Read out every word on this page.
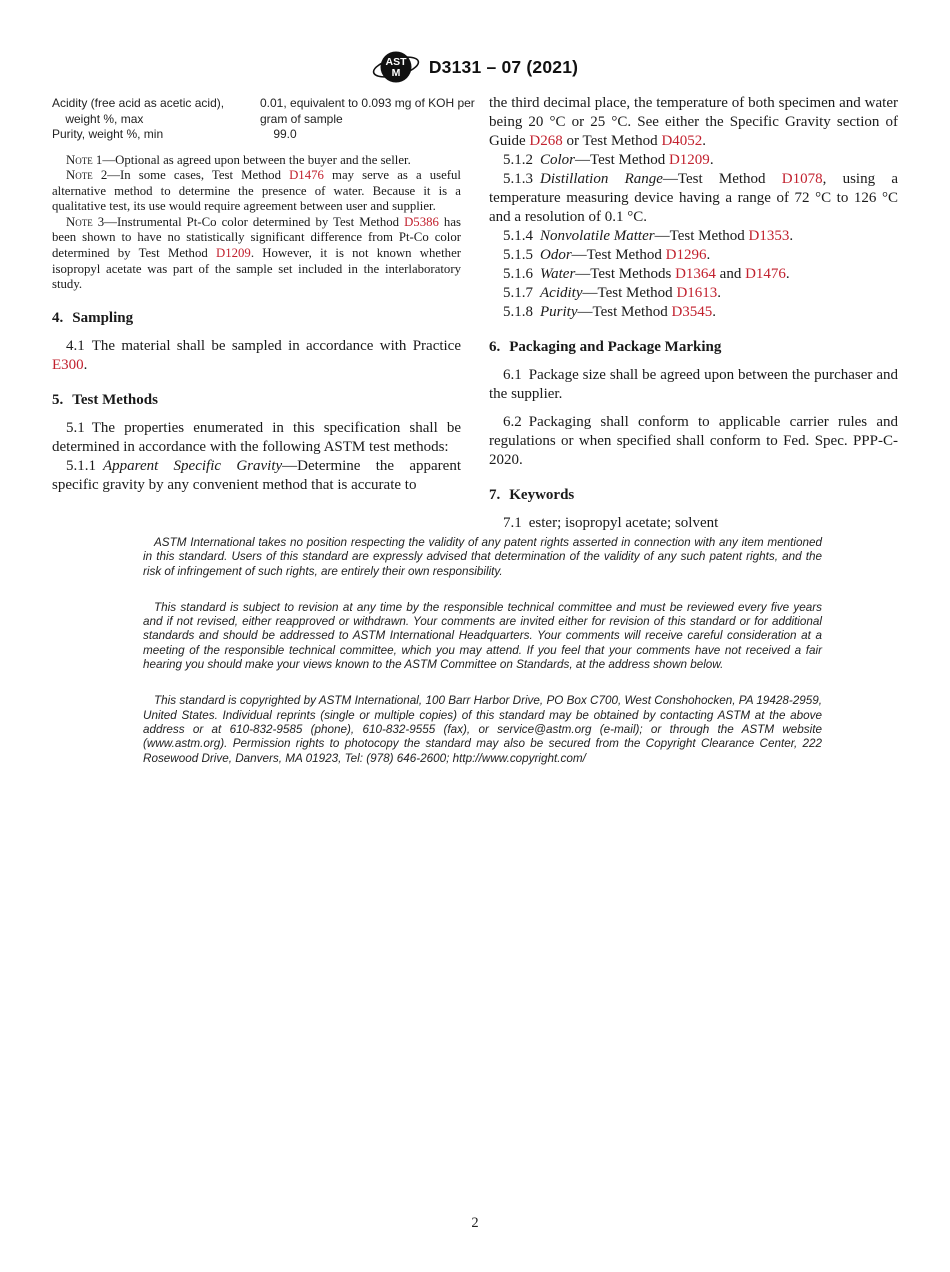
AST
M D3131 – 07 (2021)
Acidity (free acid as acetic acid),
weight %, max
Purity, weight %, min
0.01, equivalent to 0.093 mg of KOH per
gram of sample
99.0

Note 1—Optional as agreed upon between the buyer and the seller.

Note 2—In some cases, Test Method D1476 may serve as a useful alternative method to determine the presence of water. Because it is a qualitative test, its use would require agreement between user and supplier.

Note 3—Instrumental Pt-Co color determined by Test Method D5386 has been shown to have no statistically significant difference from Pt-Co color determined by Test Method D1209. However, it is not known whether isopropyl acetate was part of the sample set included in the interlaboratory study.

4. Sampling

4.1 The material shall be sampled in accordance with Practice E300.

5. Test Methods

5.1 The properties enumerated in this specification shall be determined in accordance with the following ASTM test methods:

5.1.1 Apparent Specific Gravity—Determine the apparent specific gravity by any convenient method that is accurate to

the third decimal place, the temperature of both specimen and water being 20 °C or 25 °C. See either the Specific Gravity section of Guide D268 or Test Method D4052.

5.1.2 Color—Test Method D1209.

5.1.3 Distillation Range—Test Method D1078, using a temperature measuring device having a range of 72 °C to 126 °C and a resolution of 0.1 °C.

5.1.4 Nonvolatile Matter—Test Method D1353.

5.1.5 Odor—Test Method D1296.

5.1.6 Water—Test Methods D1364 and D1476.

5.1.7 Acidity—Test Method D1613.

5.1.8 Purity—Test Method D3545.

6. Packaging and Package Marking

6.1 Package size shall be agreed upon between the purchaser and the supplier.

6.2 Packaging shall conform to applicable carrier rules and regulations or when specified shall conform to Fed. Spec. PPP-C-2020.

7. Keywords

7.1 ester; isopropyl acetate; solvent

ASTM International takes no position respecting the validity of any patent rights asserted in connection with any item mentioned in this standard. Users of this standard are expressly advised that determination of the validity of any such patent rights, and the risk of infringement of such rights, are entirely their own responsibility.

This standard is subject to revision at any time by the responsible technical committee and must be reviewed every five years and if not revised, either reapproved or withdrawn. Your comments are invited either for revision of this standard or for additional standards and should be addressed to ASTM International Headquarters. Your comments will receive careful consideration at a meeting of the responsible technical committee, which you may attend. If you feel that your comments have not received a fair hearing you should make your views known to the ASTM Committee on Standards, at the address shown below.

This standard is copyrighted by ASTM International, 100 Barr Harbor Drive, PO Box C700, West Conshohocken, PA 19428-2959, United States. Individual reprints (single or multiple copies) of this standard may be obtained by contacting ASTM at the above address or at 610-832-9585 (phone), 610-832-9555 (fax), or service@astm.org (e-mail); or through the ASTM website (www.astm.org). Permission rights to photocopy the standard may also be secured from the Copyright Clearance Center, 222 Rosewood Drive, Danvers, MA 01923, Tel: (978) 646-2600; http://www.copyright.com/

2
